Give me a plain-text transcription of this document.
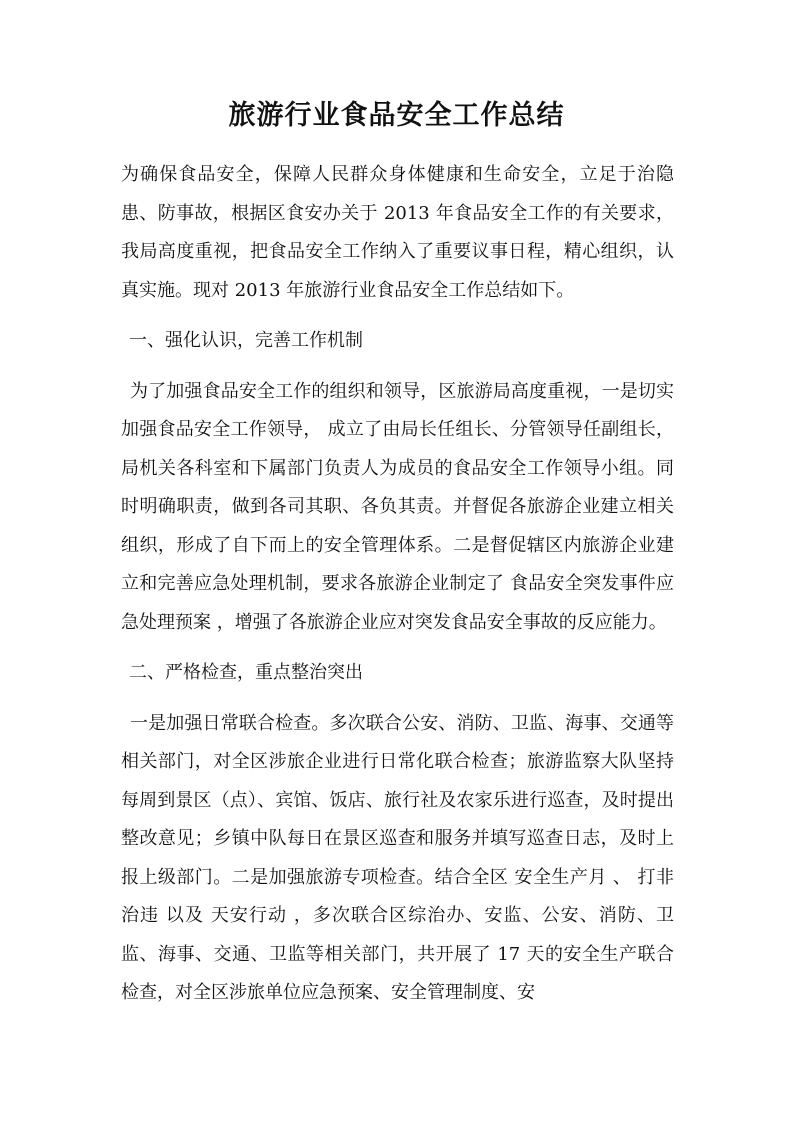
旅游行业食品安全工作总结

为确保食品安全，保障人民群众身体健康和生命安全，立足于治隐患、防事故，根据区食安办关于 2013 年食品安全工作的有关要求，我局高度重视，把食品安全工作纳入了重要议事日程，精心组织，认真实施。现对 2013 年旅游行业食品安全工作总结如下。

一、强化认识，完善工作机制

为了加强食品安全工作的组织和领导，区旅游局高度重视，一是切实加强食品安全工作领导， 成立了由局长任组长、分管领导任副组长，局机关各科室和下属部门负责人为成员的食品安全工作领导小组。同时明确职责，做到各司其职、各负其责。并督促各旅游企业建立相关组织，形成了自下而上的安全管理体系。二是督促辖区内旅游企业建立和完善应急处理机制，要求各旅游企业制定了 食品安全突发事件应急处理预案 ，增强了各旅游企业应对突发食品安全事故的反应能力。

二、严格检查，重点整治突出

一是加强日常联合检查。多次联合公安、消防、卫监、海事、交通等相关部门，对全区涉旅企业进行日常化联合检查；旅游监察大队坚持每周到景区（点）、宾馆、饭店、旅行社及农家乐进行巡查，及时提出整改意见；乡镇中队每日在景区巡查和服务并填写巡查日志，及时上报上级部门。二是加强旅游专项检查。结合全区 安全生产月 、 打非治违 以及 天安行动 ，多次联合区综治办、安监、公安、消防、卫监、海事、交通、卫监等相关部门，共开展了 17 天的安全生产联合检查，对全区涉旅单位应急预案、安全管理制度、安
